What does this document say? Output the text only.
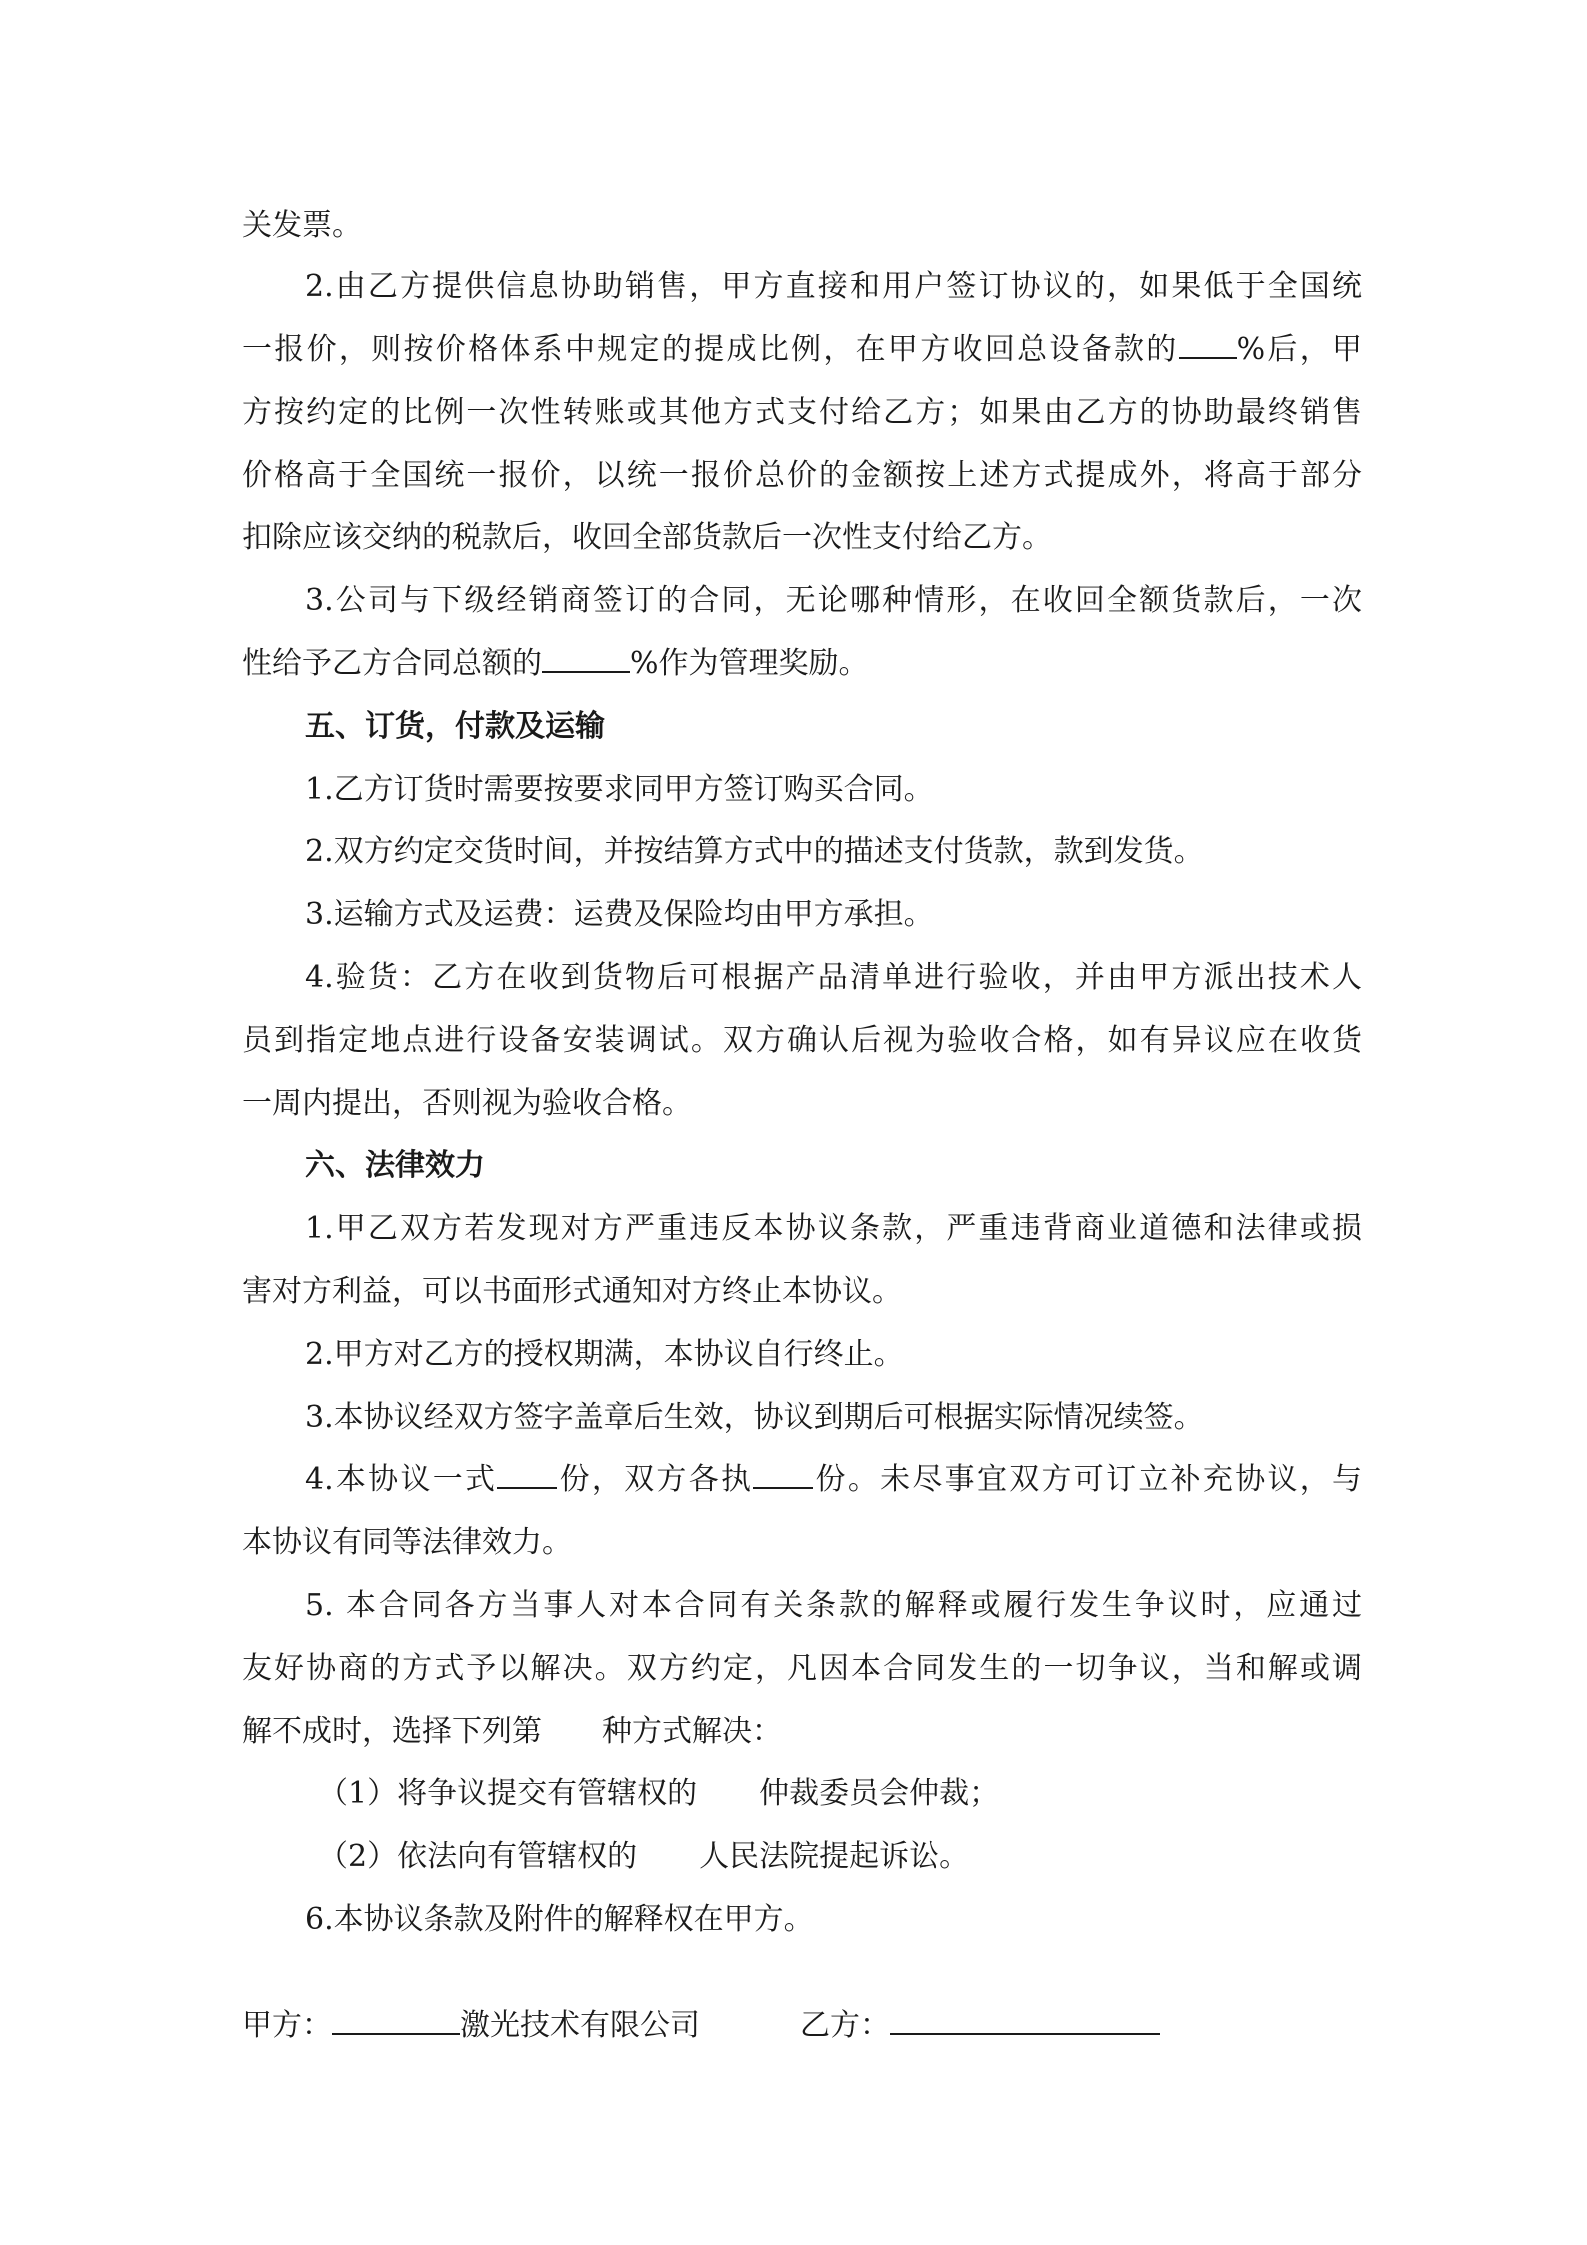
关发票。
2.由乙方提供信息协助销售，甲方直接和用户签订协议的，如果低于全国统
一报价，则按价格体系中规定的提成比例，在甲方收回总设备款的 %后，甲
方按约定的比例一次性转账或其他方式支付给乙方；如果由乙方的协助最终销售
价格高于全国统一报价，以统一报价总价的金额按上述方式提成外，将高于部分
扣除应该交纳的税款后，收回全部货款后一次性支付给乙方。
3.公司与下级经销商签订的合同，无论哪种情形，在收回全额货款后，一次
性给予乙方合同总额的	%作为管理奖励。
五、订货，付款及运输
1.乙方订货时需要按要求同甲方签订购买合同。
2.双方约定交货时间，并按结算方式中的描述支付货款，款到发货。
3.运输方式及运费：运费及保险均由甲方承担。
4.验货：乙方在收到货物后可根据产品清单进行验收，并由甲方派出技术人
员到指定地点进行设备安装调试。双方确认后视为验收合格，如有异议应在收货
一周内提出，否则视为验收合格。
六、法律效力
1.甲乙双方若发现对方严重违反本协议条款，严重违背商业道德和法律或损
害对方利益，可以书面形式通知对方终止本协议。
2.甲方对乙方的授权期满，本协议自行终止。
3.本协议经双方签字盖章后生效，协议到期后可根据实际情况续签。
4.本协议一式 份，双方各执 份。未尽事宜双方可订立补充协议，与
本协议有同等法律效力。
5. 本合同各方当事人对本合同有关条款的解释或履行发生争议时，应通过
友好协商的方式予以解决。双方约定，凡因本合同发生的一切争议，当和解或调
解不成时，选择下列第 种方式解决：
（1）将争议提交有管辖权的 仲裁委员会仲裁；
（2）依法向有管辖权的 人民法院提起诉讼。
6.本协议条款及附件的解释权在甲方。
甲方：	激光技术有限公司	乙方：
